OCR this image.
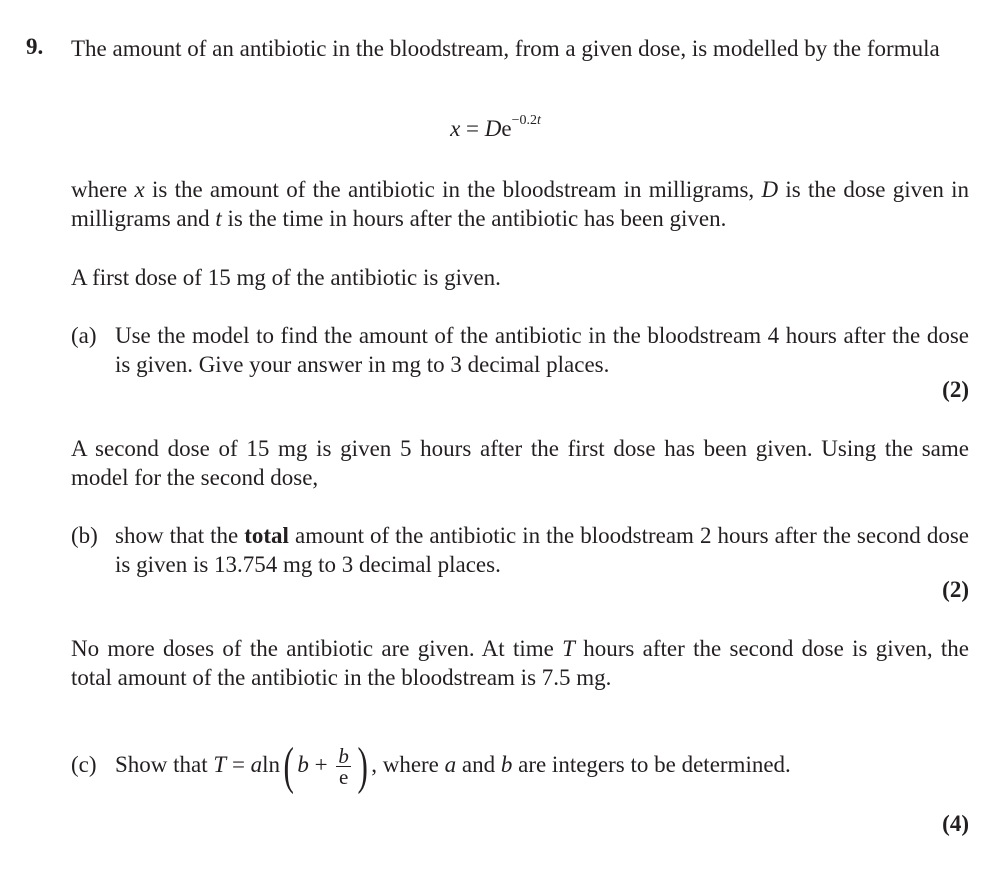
9. The amount of an antibiotic in the bloodstream, from a given dose, is modelled by the formula
$x = De^{-0.2t}$
where x is the amount of the antibiotic in the bloodstream in milligrams, D is the dose given in milligrams and t is the time in hours after the antibiotic has been given.
A first dose of 15 mg of the antibiotic is given.
(a) Use the model to find the amount of the antibiotic in the bloodstream 4 hours after the dose is given. Give your answer in mg to 3 decimal places.
(2)
A second dose of 15 mg is given 5 hours after the first dose has been given. Using the same model for the second dose,
(b) show that the total amount of the antibiotic in the bloodstream 2 hours after the second dose is given is 13.754 mg to 3 decimal places.
(2)
No more doses of the antibiotic are given. At time T hours after the second dose is given, the total amount of the antibiotic in the bloodstream is 7.5 mg.
(c) Show that T = aln( $b + \frac{b}{e}$ ) , where a and b are integers to be determined.
(4)
